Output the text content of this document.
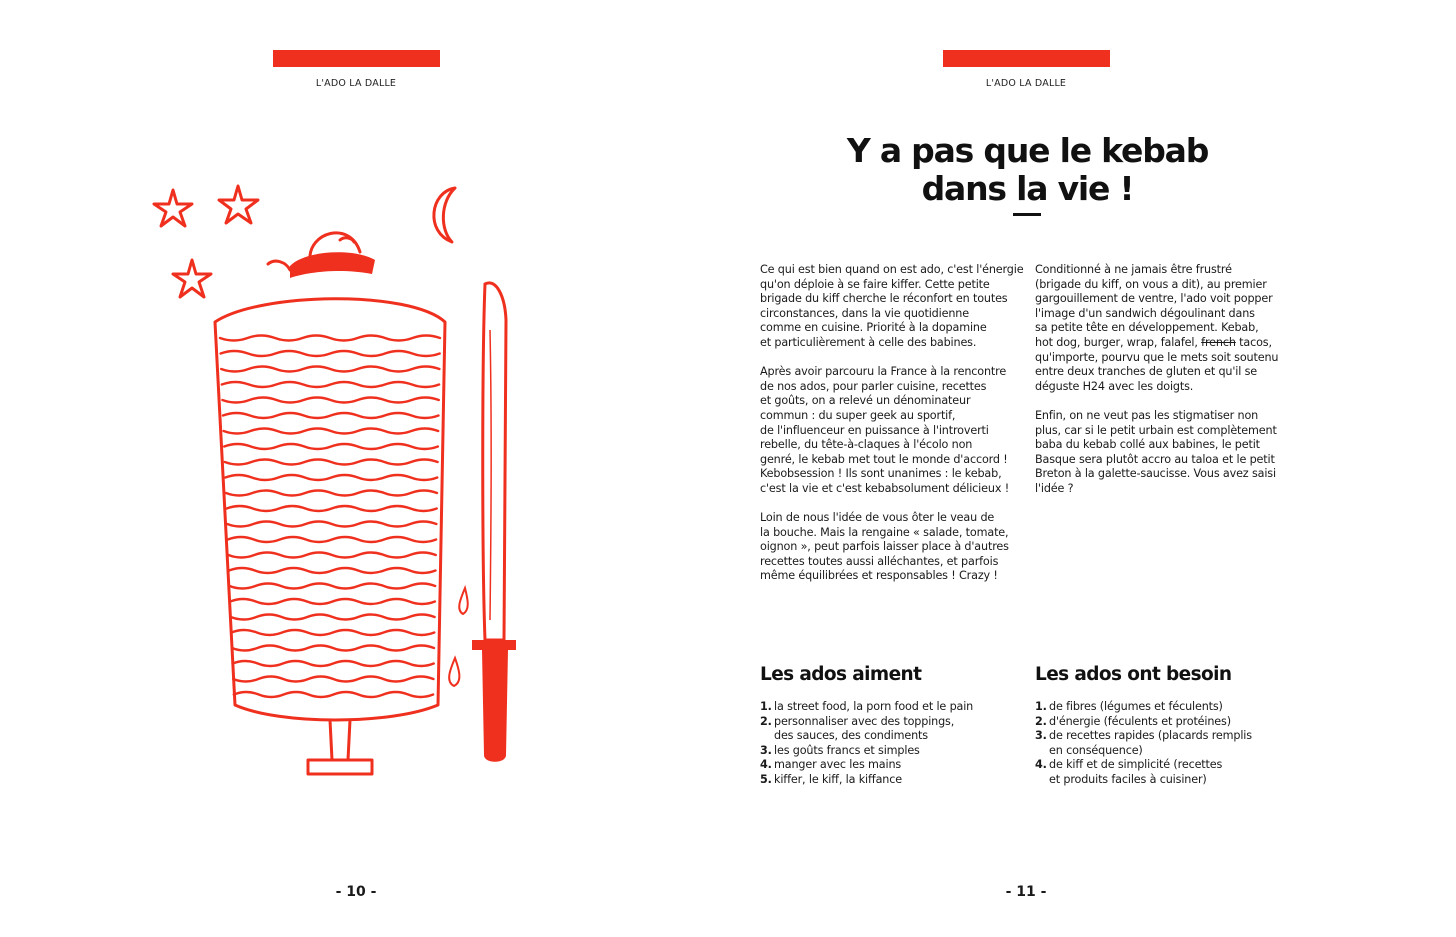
L'ADO LA DALLE
- 10 -
L'ADO LA DALLE
Y a pas que le kebab
dans la vie !

Ce qui est bien quand on est ado, c'est l'énergie
qu'on déploie à se faire kiffer. Cette petite
brigade du kiff cherche le réconfort en toutes
circonstances, dans la vie quotidienne
comme en cuisine. Priorité à la dopamine
et particulièrement à celle des babines.

Après avoir parcouru la France à la rencontre
de nos ados, pour parler cuisine, recettes
et goûts, on a relevé un dénominateur
commun : du super geek au sportif,
de l'influenceur en puissance à l'introverti
rebelle, du tête-à-claques à l'écolo non
genré, le kebab met tout le monde d'accord !
Kebobsession ! Ils sont unanimes : le kebab,
c'est la vie et c'est kebabsolument délicieux !

Loin de nous l'idée de vous ôter le veau de
la bouche. Mais la rengaine « salade, tomate,
oignon », peut parfois laisser place à d'autres
recettes toutes aussi alléchantes, et parfois
même équilibrées et responsables ! Crazy !

Conditionné à ne jamais être frustré
(brigade du kiff, on vous a dit), au premier
gargouillement de ventre, l'ado voit popper
l'image d'un sandwich dégoulinant dans
sa petite tête en développement. Kebab,
hot dog, burger, wrap, falafel, french tacos,
qu'importe, pourvu que le mets soit soutenu
entre deux tranches de gluten et qu'il se
déguste H24 avec les doigts.

Enfin, on ne veut pas les stigmatiser non
plus, car si le petit urbain est complètement
baba du kebab collé aux babines, le petit
Basque sera plutôt accro au taloa et le petit
Breton à la galette-saucisse. Vous avez saisi
l'idée ?

Les ados aiment
1. la street food, la porn food et le pain
2. personnaliser avec des toppings,
des sauces, des condiments
3. les goûts francs et simples
4. manger avec les mains
5. kiffer, le kiff, la kiffance
Les ados ont besoin
1. de fibres (légumes et féculents)
2. d'énergie (féculents et protéines)
3. de recettes rapides (placards remplis
en conséquence)
4. de kiff et de simplicité (recettes
et produits faciles à cuisiner)
- 11 -
